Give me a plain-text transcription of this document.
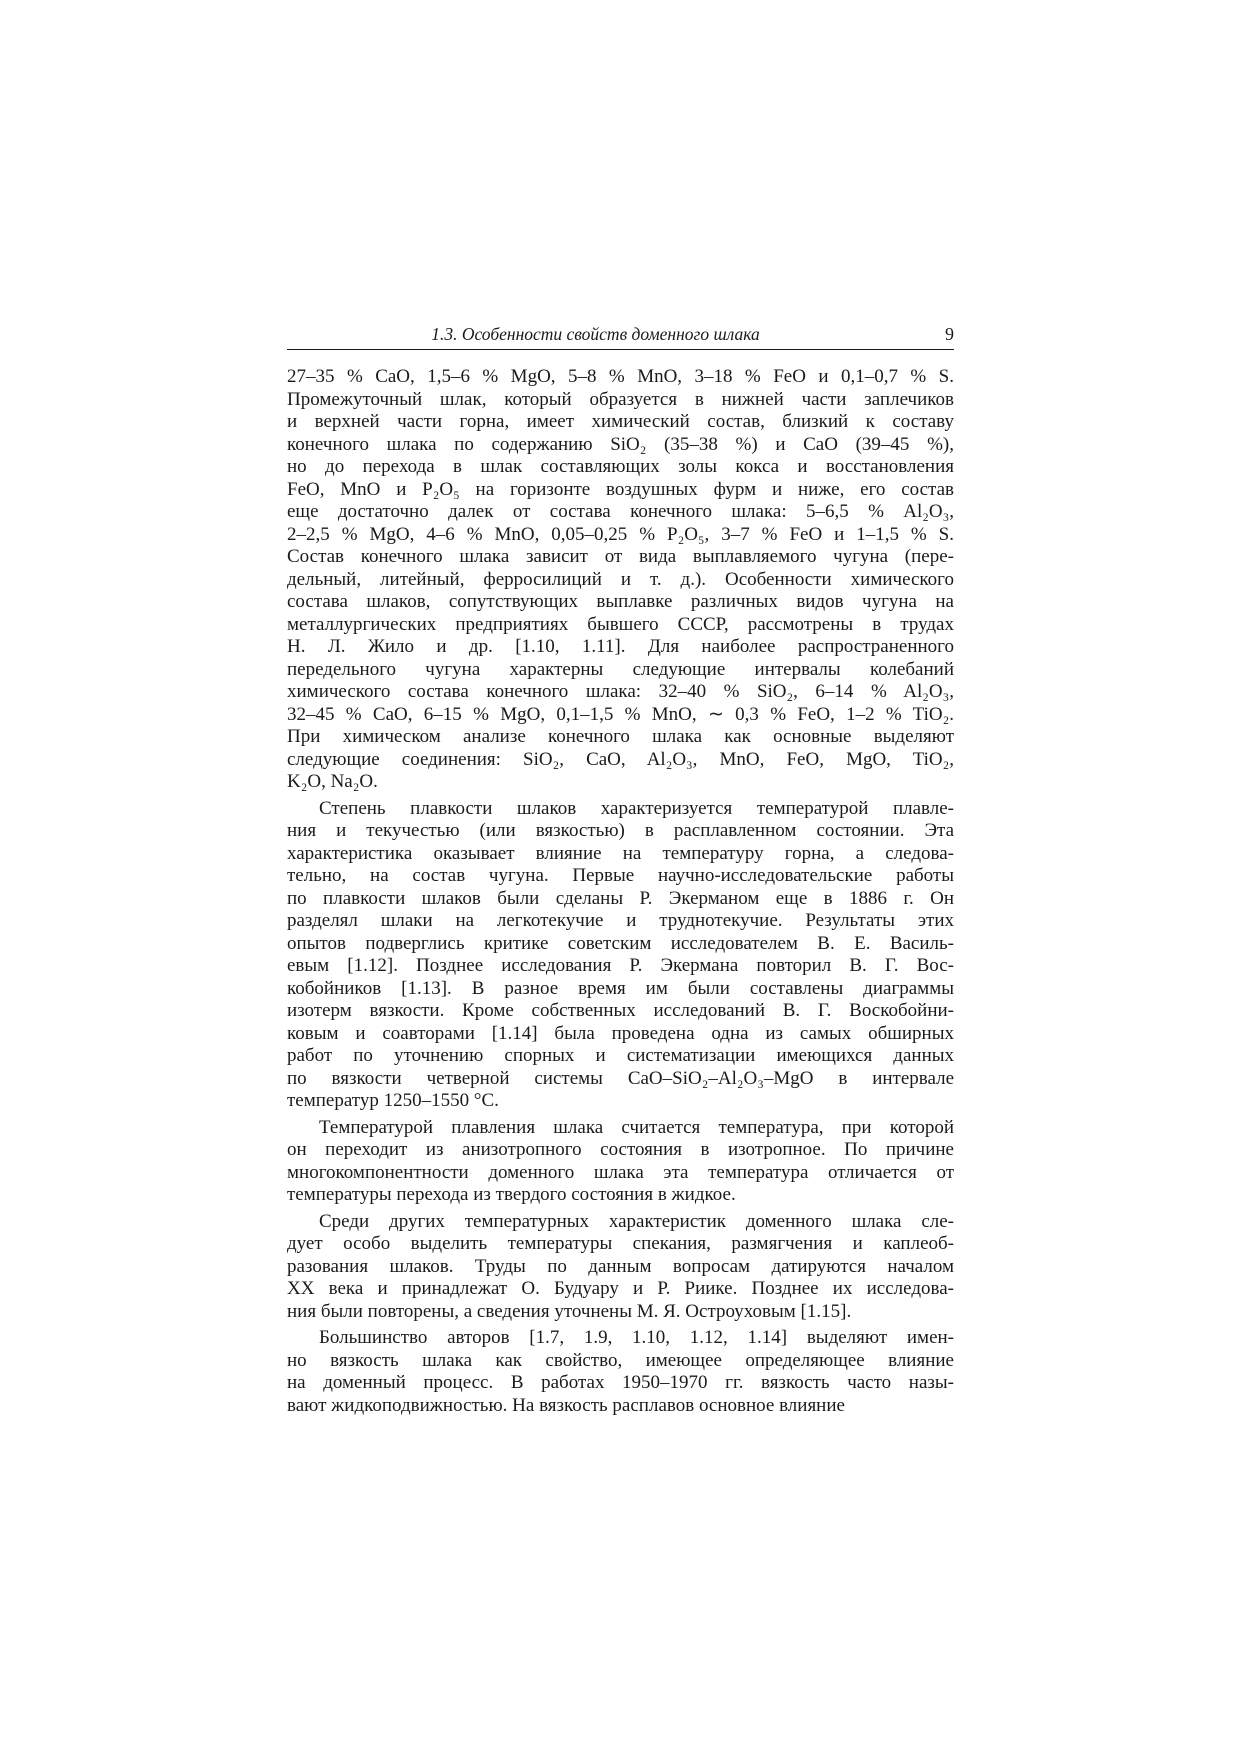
1.3. Особенности свойств доменного шлака	9
27–35 % CaO, 1,5–6 % MgO, 5–8 % MnO, 3–18 % FeO и 0,1–0,7 % S.
Промежуточный шлак, который образуется в нижней части заплечиков
и верхней части горна, имеет химический состав, близкий к составу
конечного шлака по содержанию SiO₂ (35–38 %) и CaO (39–45 %),
но до перехода в шлак составляющих золы кокса и восстановления
FeO, MnO и P₂O₅ на горизонте воздушных фурм и ниже, его состав
еще достаточно далек от состава конечного шлака: 5–6,5 % Al₂O₃,
2–2,5 % MgO, 4–6 % MnO, 0,05–0,25 % P₂O₅, 3–7 % FeO и 1–1,5 % S.
Состав конечного шлака зависит от вида выплавляемого чугуна (пере-
дельный, литейный, ферросилиций и т. д.). Особенности химического
состава шлаков, сопутствующих выплавке различных видов чугуна на
металлургических предприятиях бывшего СССР, рассмотрены в трудах
Н. Л. Жило и др. [1.10, 1.11]. Для наиболее распространенного
передельного чугуна характерны следующие интервалы колебаний
химического состава конечного шлака: 32–40 % SiO₂, 6–14 % Al₂O₃,
32–45 % CaO, 6–15 % MgO, 0,1–1,5 % MnO, ∼ 0,3 % FeO, 1–2 % TiO₂.
При химическом анализе конечного шлака как основные выделяют
следующие соединения: SiO₂, CaO, Al₂O₃, MnO, FeO, MgO, TiO₂,
K₂O, Na₂O.
Степень плавкости шлаков характеризуется температурой плавле-
ния и текучестью (или вязкостью) в расплавленном состоянии. Эта
характеристика оказывает влияние на температуру горна, а следова-
тельно, на состав чугуна. Первые научно-исследовательские работы
по плавкости шлаков были сделаны Р. Экерманом еще в 1886 г. Он
разделял шлаки на легкотекучие и труднотекучие. Результаты этих
опытов подверглись критике советским исследователем В. Е. Василь-
евым [1.12]. Позднее исследования Р. Экермана повторил В. Г. Вос-
кобойников [1.13]. В разное время им были составлены диаграммы
изотерм вязкости. Кроме собственных исследований В. Г. Воскобойни-
ковым и соавторами [1.14] была проведена одна из самых обширных
работ по уточнению спорных и систематизации имеющихся данных
по вязкости четверной системы CaO–SiO₂–Al₂O₃–MgO в интервале
температур 1250–1550 °C.
Температурой плавления шлака считается температура, при которой
он переходит из анизотропного состояния в изотропное. По причине
многокомпонентности доменного шлака эта температура отличается от
температуры перехода из твердого состояния в жидкое.
Среди других температурных характеристик доменного шлака сле-
дует особо выделить температуры спекания, размягчения и каплеоб-
разования шлаков. Труды по данным вопросам датируются началом
XX века и принадлежат О. Будуару и Р. Риике. Позднее их исследова-
ния были повторены, а сведения уточнены М. Я. Остроуховым [1.15].
Большинство авторов [1.7, 1.9, 1.10, 1.12, 1.14] выделяют имен-
но вязкость шлака как свойство, имеющее определяющее влияние
на доменный процесс. В работах 1950–1970 гг. вязкость часто назы-
вают жидкоподвижностью. На вязкость расплавов основное влияние
